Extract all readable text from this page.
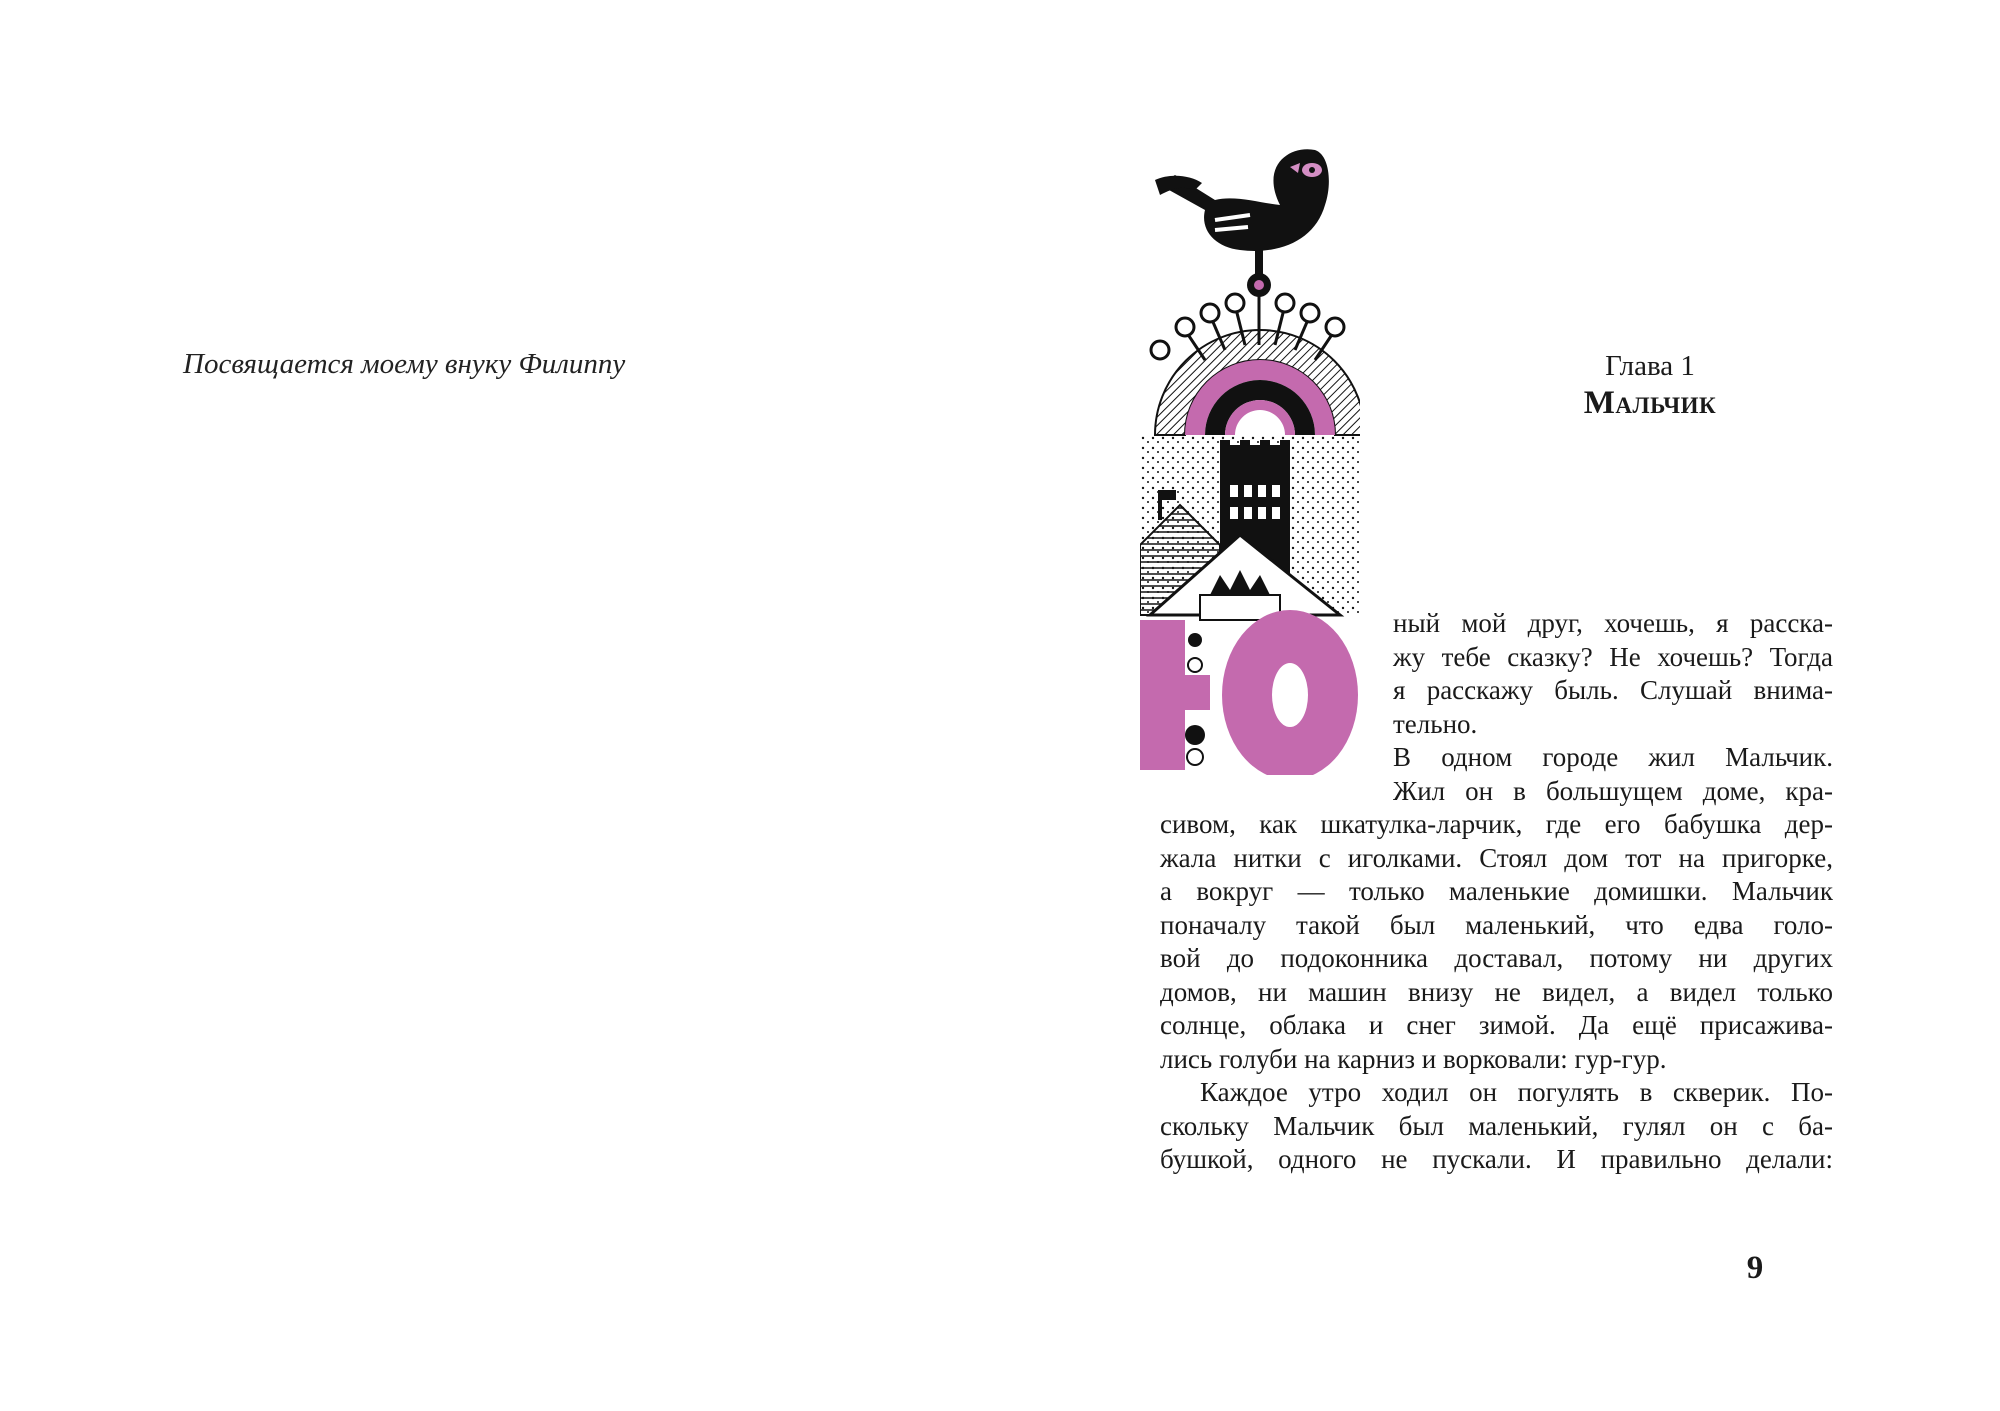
Посвящается моему внуку Филиппу	Глава 1
Мальчик
ный мой друг, хочешь, я расска-
жу тебе сказку? Не хочешь? Тогда
я расскажу быль. Слушай внима-
тельно.
В одном городе жил Мальчик.
Жил он в большущем доме, кра-
сивом, как шкатулка-ларчик, где его бабушка дер-
жала нитки с иголками. Стоял дом тот на пригорке,
а вокруг — только маленькие домишки. Мальчик
поначалу такой был маленький, что едва голо-
вой до подоконника доставал, потому ни других
домов, ни машин внизу не видел, а видел только
солнце, облака и снег зимой. Да ещё присажива-
лись голуби на карниз и ворковали: гур-гур.
Каждое утро ходил он погулять в скверик. По-
скольку Мальчик был маленький, гулял он с ба-
бушкой, одного не пускали. И правильно делали:
9
